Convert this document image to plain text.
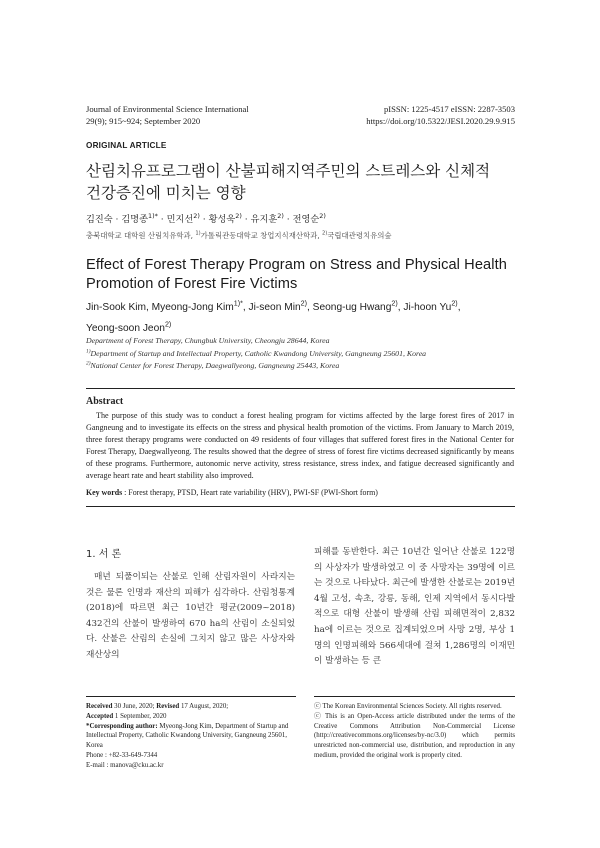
Journal of Environmental Science International
29(9); 915~924; September 2020
pISSN: 1225-4517 eISSN: 2287-3503
https://doi.org/10.5322/JESI.2020.29.9.915
ORIGINAL ARTICLE
산림치유프로그램이 산불피해지역주민의 스트레스와 신체적
건강증진에 미치는 영향
김진숙 · 김명종$^{1)*}$ · 민지선$^{2)}$ · 황성욱$^{2)}$ · 유지훈$^{2)}$ · 전영순$^{2)}$
충북대학교 대학원 산림치유학과, $^{1)}$가톨릭관동대학교 창업지식재산학과, $^{2)}$국립대관령치유의숲
Effect of Forest Therapy Program on Stress and Physical Health
Promotion of Forest Fire Victims
Jin-Sook Kim, Myeong-Jong Kim$^{1)*}$, Ji-seon Min$^{2)}$, Seong-ug Hwang$^{2)}$, Ji-hoon Yu$^{2)}$,
Yeong-soon Jeon$^{2)}$
Department of Forest Therapy, Chungbuk University, Cheongju 28644, Korea
$^{1)}$Department of Startup and Intellectual Property, Catholic Kwandong University, Gangneung 25601, Korea
$^{2)}$National Center for Forest Therapy, Daegwallyeong, Gangneung 25443, Korea
Abstract
The purpose of this study was to conduct a forest healing program for victims affected by the large forest fires of 2017 in Gangneung and to investigate its effects on the stress and physical health promotion of the victims. From January to March 2019, three forest therapy programs were conducted on 49 residents of four villages that suffered forest fires in the National Center for Forest Therapy, Daegwallyeong. The results showed that the degree of stress of forest fire victims decreased significantly by means of these programs. Furthermore, autonomic nerve activity, stress resistance, stress index, and fatigue decreased significantly and average heart rate and heart stability also improved.
Key words : Forest therapy, PTSD, Heart rate variability (HRV), PWI-SF (PWI-Short form)
1. 서 론
매년 되풀이되는 산불로 인해 산림자원이 사라지는 것은 물론 인명과 재산의 피해가 심각하다. 산림청통계(2018)에 따르면 최근 10년간 평균(2009~2018) 432건의 산불이 발생하여 670 ha의 산림이 소실되었다. 산불은 산림의 손실에 그치지 않고 많은 사상자와 재산상의
피해를 동반한다. 최근 10년간 일어난 산불로 122명의 사상자가 발생하였고 이 중 사망자는 39명에 이르는 것으로 나타났다. 최근에 발생한 산불로는 2019년 4월 고성, 속초, 강릉, 동해, 인제 지역에서 동시다발적으로 대형 산불이 발생해 산림 피해면적이 2,832 ha에 이르는 것으로 집계되었으며 사망 2명, 부상 1명의 인명피해와 566세대에 걸쳐 1,286명의 이재민이 발생하는 등 큰
Received 30 June, 2020; Revised 17 August, 2020;
Accepted 1 September, 2020
*Corresponding author: Myeong-Jong Kim, Department of Startup and Intellectual Property, Catholic Kwandong University, Gangneung 25601, Korea
Phone : +82-33-649-7344
E-mail : manova@cku.ac.kr
ⓒ The Korean Environmental Sciences Society. All rights reserved.
ⓒ This is an Open-Access article distributed under the terms of the Creative Commons Attribution Non-Commercial License (http://creativecommons.org/licenses/by-nc/3.0) which permits unrestricted non-commercial use, distribution, and reproduction in any medium, provided the original work is properly cited.
